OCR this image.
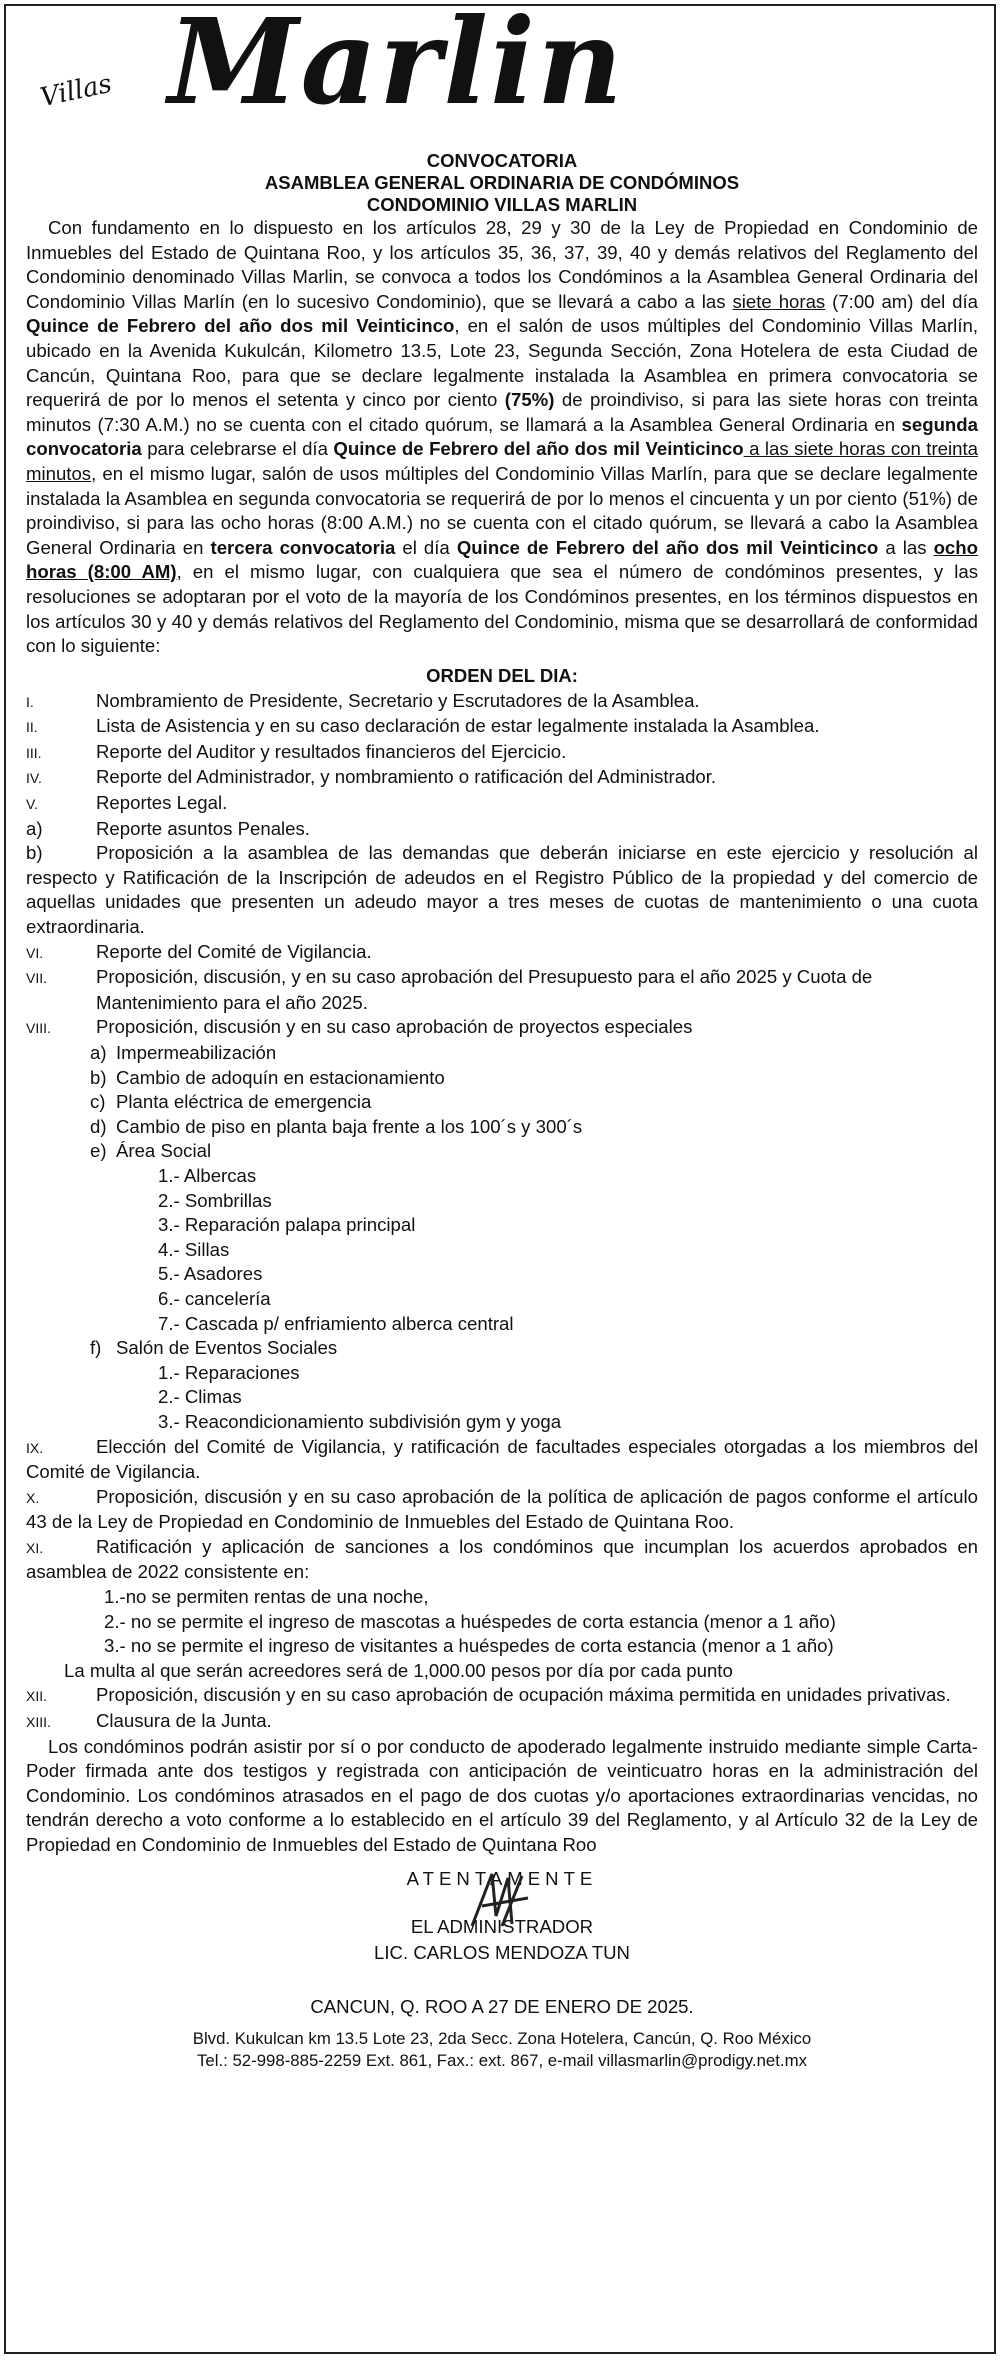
Villas Marlin
CONVOCATORIA
ASAMBLEA GENERAL ORDINARIA DE CONDÓMINOS
CONDOMINIO VILLAS MARLIN

Con fundamento en lo dispuesto en los artículos 28, 29 y 30 de la Ley de Propiedad en Condominio de Inmuebles del Estado de Quintana Roo, y los artículos 35, 36, 37, 39, 40 y demás relativos del Reglamento del Condominio denominado Villas Marlin, se convoca a todos los Condóminos a la Asamblea General Ordinaria del Condominio Villas Marlín (en lo sucesivo Condominio), que se llevará a cabo a las siete horas (7:00 am) del día Quince de Febrero del año dos mil Veinticinco, en el salón de usos múltiples del Condominio Villas Marlín, ubicado en la Avenida Kukulcán, Kilometro 13.5, Lote 23, Segunda Sección, Zona Hotelera de esta Ciudad de Cancún, Quintana Roo, para que se declare legalmente instalada la Asamblea en primera convocatoria se requerirá de por lo menos el setenta y cinco por ciento (75%) de proindiviso, si para las siete horas con treinta minutos (7:30 A.M.) no se cuenta con el citado quórum, se llamará a la Asamblea General Ordinaria en segunda convocatoria para celebrarse el día Quince de Febrero del año dos mil Veinticinco a las siete horas con treinta minutos, en el mismo lugar, salón de usos múltiples del Condominio Villas Marlín, para que se declare legalmente instalada la Asamblea en segunda convocatoria se requerirá de por lo menos el cincuenta y un por ciento (51%) de proindiviso, si para las ocho horas (8:00 A.M.) no se cuenta con el citado quórum, se llevará a cabo la Asamblea General Ordinaria en tercera convocatoria el día Quince de Febrero del año dos mil Veinticinco a las ocho horas (8:00 AM), en el mismo lugar, con cualquiera que sea el número de condóminos presentes, y las resoluciones se adoptaran por el voto de la mayoría de los Condóminos presentes, en los términos dispuestos en los artículos 30 y 40 y demás relativos del Reglamento del Condominio, misma que se desarrollará de conformidad con lo siguiente:

ORDEN DEL DIA:
I.	Nombramiento de Presidente, Secretario y Escrutadores de la Asamblea.
II.	Lista de Asistencia y en su caso declaración de estar legalmente instalada la Asamblea.
III.	Reporte del Auditor y resultados financieros del Ejercicio.
IV.	Reporte del Administrador, y nombramiento o ratificación del Administrador.
V.	Reportes Legal.
a)	Reporte asuntos Penales.
b)	Proposición a la asamblea de las demandas que deberán iniciarse en este ejercicio y resolución al respecto y Ratificación de la Inscripción de adeudos en el Registro Público de la propiedad y del comercio de aquellas unidades que presenten un adeudo mayor a tres meses de cuotas de mantenimiento o una cuota extraordinaria.
VI.	Reporte del Comité de Vigilancia.
VII.	Proposición, discusión, y en su caso aprobación del Presupuesto para el año 2025 y Cuota de
Mantenimiento para el año 2025.
VIII. Proposición, discusión y en su caso aprobación de proyectos especiales
a) Impermeabilización
b) Cambio de adoquín en estacionamiento
c) Planta eléctrica de emergencia
d) Cambio de piso en planta baja frente a los 100´s y 300´s
e) Área Social
1.- Albercas
2.- Sombrillas
3.- Reparación palapa principal
4.- Sillas
5.- Asadores
6.- cancelería
7.- Cascada p/ enfriamiento alberca central
f) Salón de Eventos Sociales
1.- Reparaciones
2.- Climas
3.- Reacondicionamiento subdivisión gym y yoga
IX.	Elección del Comité de Vigilancia, y ratificación de facultades especiales otorgadas a los miembros del Comité de Vigilancia.
X.	Proposición, discusión y en su caso aprobación de la política de aplicación de pagos conforme el artículo 43 de la Ley de Propiedad en Condominio de Inmuebles del Estado de Quintana Roo.
XI.	Ratificación y aplicación de sanciones a los condóminos que incumplan los acuerdos aprobados en asamblea de 2022 consistente en:
1.-no se permiten rentas de una noche,
2.- no se permite el ingreso de mascotas a huéspedes de corta estancia (menor a 1 año)
3.- no se permite el ingreso de visitantes a huéspedes de corta estancia (menor a 1 año)
La multa al que serán acreedores será de 1,000.00 pesos por día por cada punto
XII.	Proposición, discusión y en su caso aprobación de ocupación máxima permitida en unidades privativas.
XIII. Clausura de la Junta.

Los condóminos podrán asistir por sí o por conducto de apoderado legalmente instruido mediante simple Carta-Poder firmada ante dos testigos y registrada con anticipación de veinticuatro horas en la administración del Condominio. Los condóminos atrasados en el pago de dos cuotas y/o aportaciones extraordinarias vencidas, no tendrán derecho a voto conforme a lo establecido en el artículo 39 del Reglamento, y al Artículo 32 de la Ley de Propiedad en Condominio de Inmuebles del Estado de Quintana Roo

ATENTAMENTE
EL ADMINISTRADOR
LIC. CARLOS MENDOZA TUN
CANCUN, Q. ROO A 27 DE ENERO DE 2025.
Blvd. Kukulcan km 13.5 Lote 23, 2da Secc. Zona Hotelera, Cancún, Q. Roo México
Tel.: 52-998-885-2259 Ext. 861, Fax.: ext. 867, e-mail villasmarlin@prodigy.net.mx
